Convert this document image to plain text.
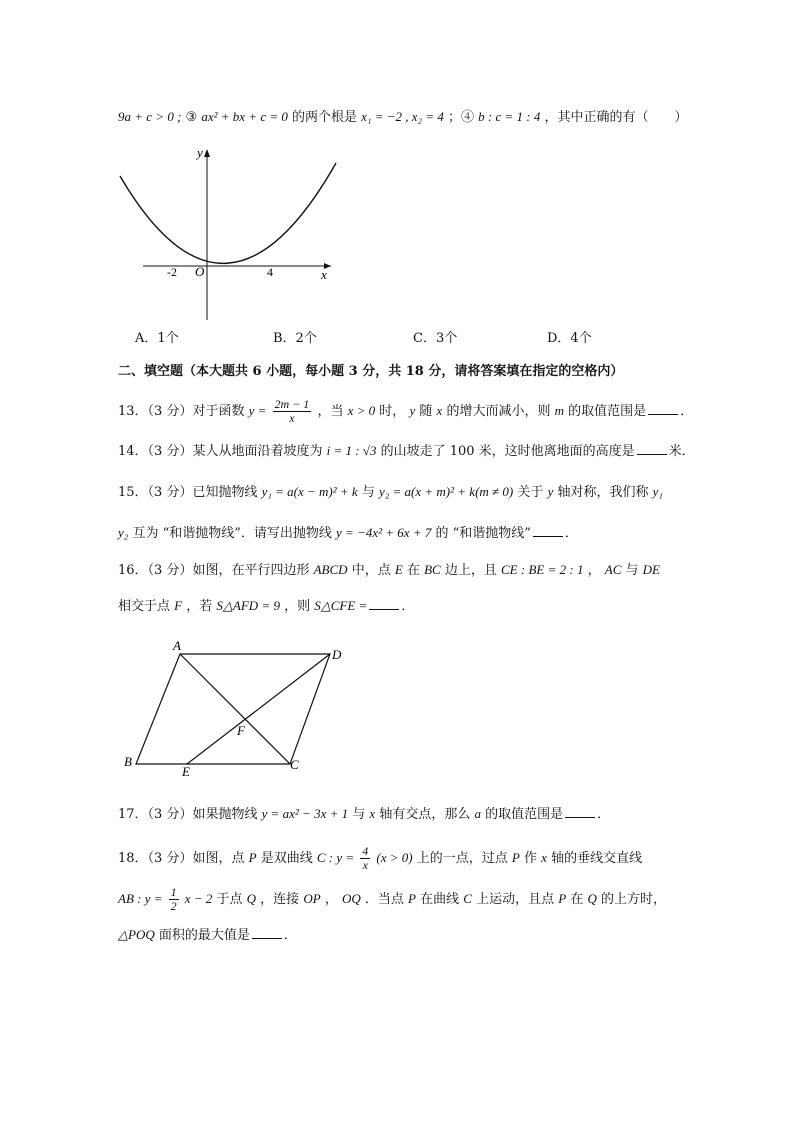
9a + c > 0 ; ③ ax² + bx + c = 0 的两个根是 x₁ = −2 , x₂ = 4 ；④ b : c = 1 : 4 ，其中正确的有（　　）
y
x
O
-2	4
A．1个	B．2个	C．3个	D．4个
二、填空题（本大题共 6 小题，每小题 3 分，共 18 分，请将答案填在指定的空格内）
13．（3 分）对于函数 $y = \frac{2m - 1}{x}$ ，当 x > 0 时， y 随 x 的增大而减小，则 m 的取值范围是	．
14．（3 分）某人从地面沿着坡度为 i = 1 : √3 的山坡走了 100 米，这时他离地面的高度是	米．
15．（3 分）已知抛物线 y₁ = a(x − m)² + k 与 y₂ = a(x + m)² + k(m ≠ 0) 关于 y 轴对称，我们称 y₁
y₂ 互为 “和谐抛物线”．请写出抛物线 y = −4x² + 6x + 7 的 “和谐抛物线”	．
16．（3 分）如图，在平行四边形 ABCD 中，点 E 在 BC 边上，且 CE : BE = 2 : 1 ， AC 与 DE
相交于点 F ，若 S△AFD = 9 ，则 S△CFE =	．
A
D
B	C
E
F
17．（3 分）如果抛物线 y = ax² − 3x + 1 与 x 轴有交点，那么 a 的取值范围是	．
18．（3 分）如图，点 P 是双曲线 C : $y = \frac{4}{x} (x > 0)$ 上的一点，过点 P 作 x 轴的垂线交直线
AB : $y = \frac{1}{2}$ x − 2 于点 Q ，连接 OP ， OQ ．当点 P 在曲线 C 上运动，且点 P 在 Q 的上方时，
△POQ 面积的最大值是	．
